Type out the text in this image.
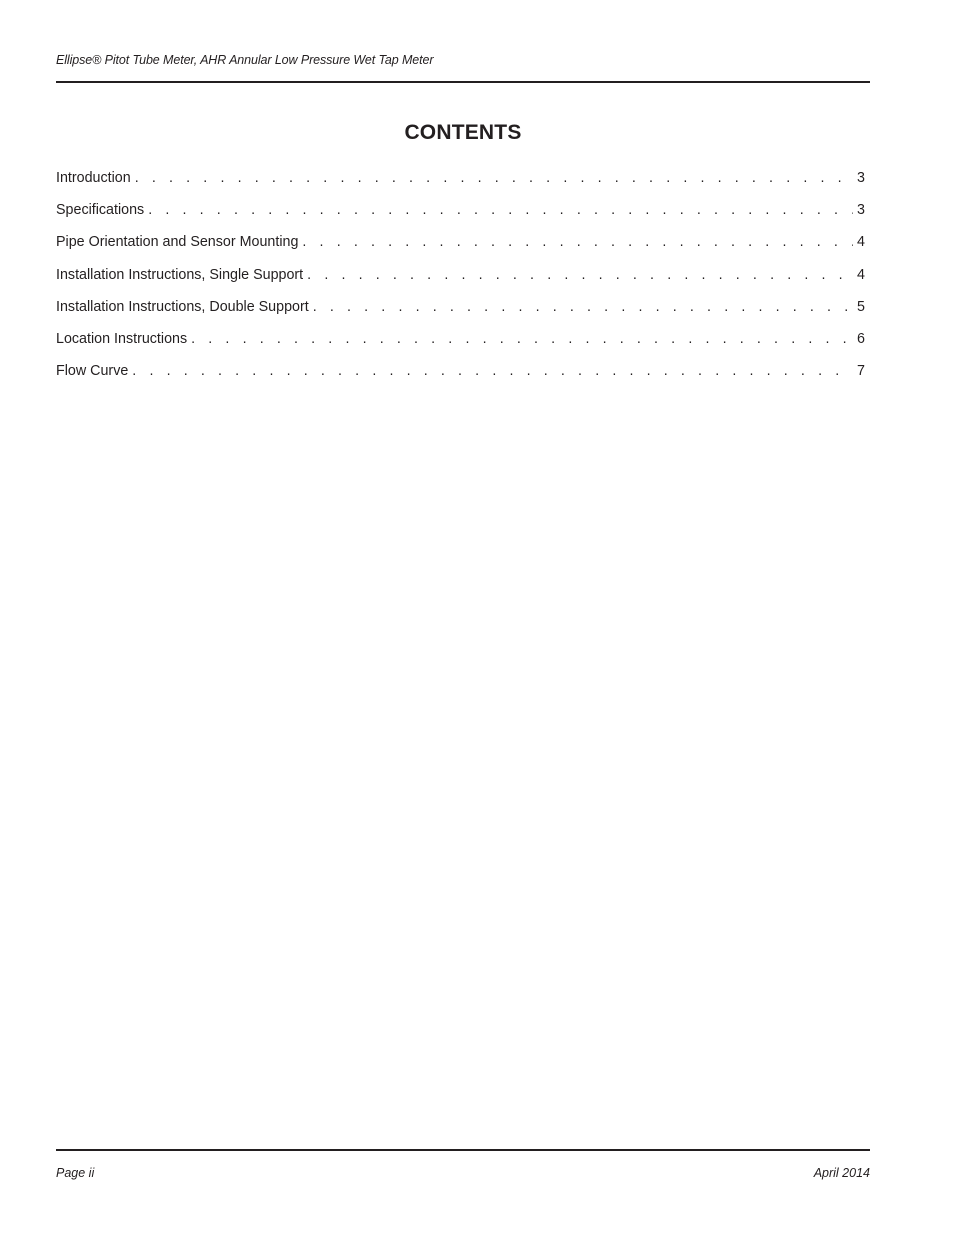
Ellipse® Pitot Tube Meter, AHR Annular Low Pressure Wet Tap Meter
CONTENTS
Introduction . . .	3
Specifications . . .	3
Pipe Orientation and Sensor Mounting . . .	4
Installation Instructions, Single Support . . .	4
Installation Instructions, Double Support . . .	5
Location Instructions . . .	6
Flow Curve . . .	7
Page ii	April 2014
